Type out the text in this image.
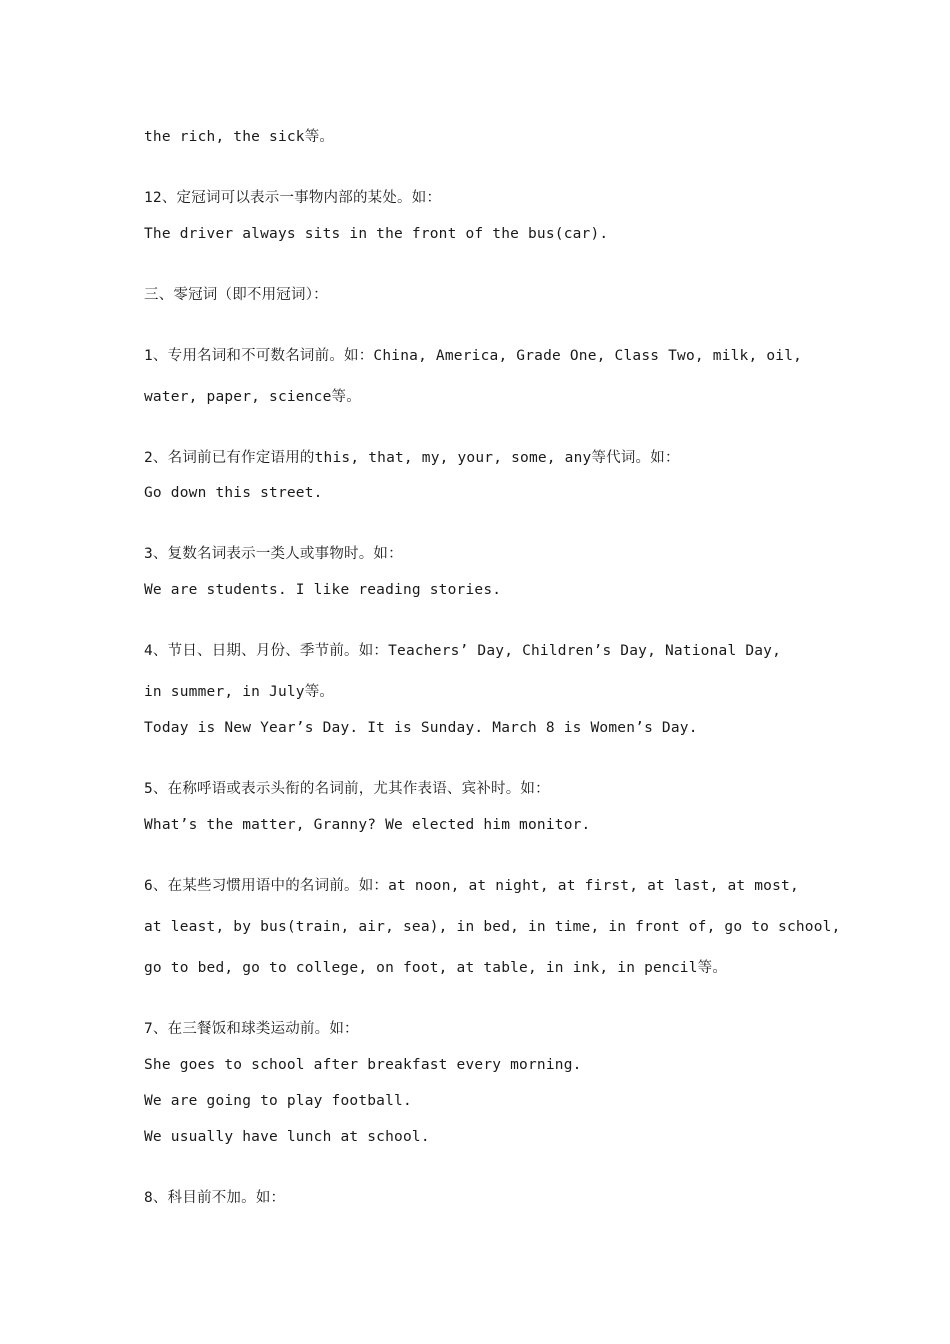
the rich, the sick等。
12、定冠词可以表示一事物内部的某处。如：
The driver always sits in the front of the bus(car).
三、零冠词（即不用冠词）：
1、专用名词和不可数名词前。如：China, America, Grade One, Class Two, milk, oil,
water, paper, science等。
2、名词前已有作定语用的this, that, my, your, some, any等代词。如：
Go down this street.
3、复数名词表示一类人或事物时。如：
We are students. I like reading stories.
4、节日、日期、月份、季节前。如：Teachers’ Day, Children’s Day, National Day,
in summer, in July等。
Today is New Year’s Day. It is Sunday. March 8 is Women’s Day.
5、在称呼语或表示头衔的名词前，尤其作表语、宾补时。如：
What’s the matter, Granny? We elected him monitor.
6、在某些习惯用语中的名词前。如：at noon, at night, at first, at last, at most,
at least, by bus(train, air, sea), in bed, in time, in front of, go to school,
go to bed, go to college, on foot, at table, in ink, in pencil等。
7、在三餐饭和球类运动前。如：
She goes to school after breakfast every morning.
We are going to play football.
We usually have lunch at school.
8、科目前不加。如：
